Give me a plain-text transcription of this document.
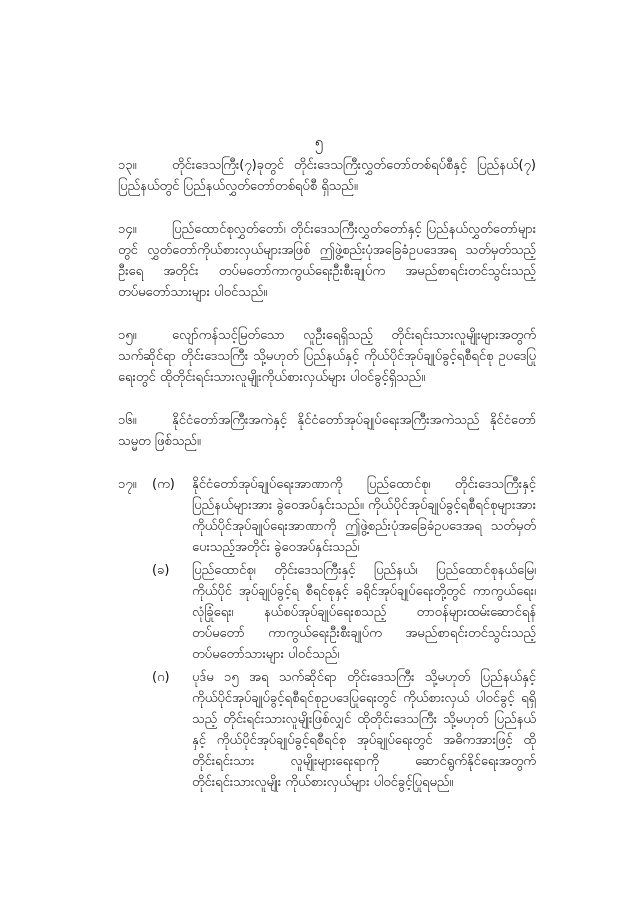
၅

၁၃။	တိုင်းဒေသကြီး(၇)ခုတွင် တိုင်းဒေသကြီးလွှတ်တော်တစ်ရပ်စီနှင့် ပြည်နယ်(၇) ပြည်နယ်တွင် ပြည်နယ်လွှတ်တော်တစ်ရပ်စီ ရှိသည်။

၁၄။	ပြည်ထောင်စုလွှတ်တော်၊ တိုင်းဒေသကြီးလွှတ်တော်နှင့် ပြည်နယ်လွှတ်တော်များတွင် လွှတ်တော်ကိုယ်စားလှယ်များအဖြစ် ဤဖွဲ့စည်းပုံအခြေခံဥပဒေအရ သတ်မှတ်သည့်ဦးရေ အတိုင်း တပ်မတော်ကာကွယ်ရေးဦးစီးချုပ်က အမည်စာရင်းတင်သွင်းသည့် တပ်မတော်သားများ ပါဝင်သည်။

၁၅။	လျော်ကန်သင့်မြတ်သော လူဦးရေရှိသည့် တိုင်းရင်းသားလူမျိုးများအတွက် သက်ဆိုင်ရာ တိုင်းဒေသကြီး သို့မဟုတ် ပြည်နယ်နှင့် ကိုယ်ပိုင်အုပ်ချုပ်ခွင့်ရစီရင်စု ဥပဒေပြုရေးတွင် ထိုတိုင်းရင်းသားလူမျိုးကိုယ်စားလှယ်များ ပါဝင်ခွင့်ရှိသည်။

၁၆။	နိုင်ငံတော်အကြီးအကဲနှင့် နိုင်ငံတော်အုပ်ချုပ်ရေးအကြီးအကဲသည် နိုင်ငံတော်သမ္မတ ဖြစ်သည်။

၁၇။	(က)	နိုင်ငံတော်အုပ်ချုပ်ရေးအာဏာကို ပြည်ထောင်စု၊ တိုင်းဒေသကြီးနှင့် ပြည်နယ်များအား ခွဲဝေအပ်နှင်းသည်။ ကိုယ်ပိုင်အုပ်ချုပ်ခွင့်ရစီရင်စုများအား ကိုယ်ပိုင်အုပ်ချုပ်ရေးအာဏာကို ဤဖွဲ့စည်းပုံအခြေခံဥပဒေအရ သတ်မှတ် ပေးသည့်အတိုင်း ခွဲဝေအပ်နှင်းသည်၊
(ခ)	ပြည်ထောင်စု၊ တိုင်းဒေသကြီးနှင့် ပြည်နယ်၊ ပြည်ထောင်စုနယ်မြေ၊ ကိုယ်ပိုင် အုပ်ချုပ်ခွင့်ရ စီရင်စုနှင့် ခရိုင်အုပ်ချုပ်ရေးတို့တွင် ကာကွယ်ရေး၊ လုံခြုံရေး၊ နယ်စပ်အုပ်ချုပ်ရေးစသည့် တာဝန်များထမ်းဆောင်ရန် တပ်မတော် ကာကွယ်ရေးဦးစီးချုပ်က အမည်စာရင်းတင်သွင်းသည့် တပ်မတော်သားများ ပါဝင်သည်၊
(ဂ)	ပုဒ်မ ၁၅ အရ သက်ဆိုင်ရာ တိုင်းဒေသကြီး သို့မဟုတ် ပြည်နယ်နှင့် ကိုယ်ပိုင်အုပ်ချုပ်ခွင့်ရစီရင်စုဥပဒေပြုရေးတွင် ကိုယ်စားလှယ် ပါဝင်ခွင့် ရရှိသည့် တိုင်းရင်းသားလူမျိုးဖြစ်လျှင် ထိုတိုင်းဒေသကြီး သို့မဟုတ် ပြည်နယ်နှင့် ကိုယ်ပိုင်အုပ်ချုပ်ခွင့်ရစီရင်စု အုပ်ချုပ်ရေးတွင် အဓိကအားဖြင့် ထိုတိုင်းရင်းသား လူမျိုးများရေးရာကို ဆောင်ရွက်နိုင်ရေးအတွက် တိုင်းရင်းသားလူမျိုး ကိုယ်စားလှယ်များ ပါဝင်ခွင့်ပြုရမည်။
